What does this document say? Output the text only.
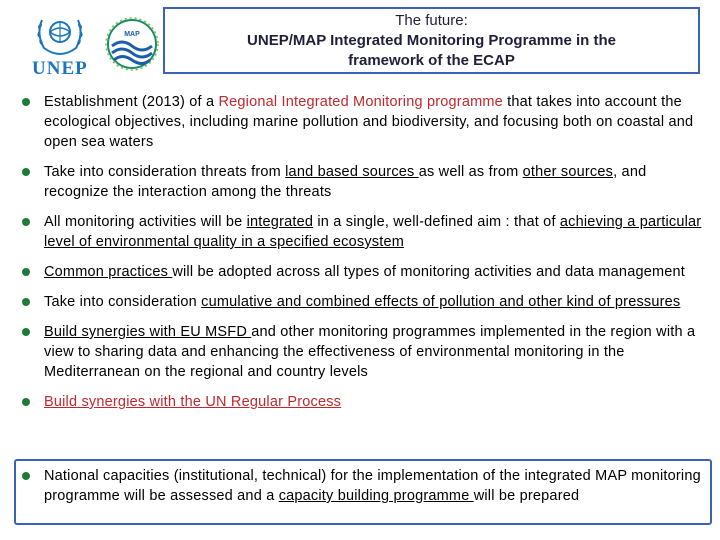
UNEP
MAP
The future:
UNEP/MAP Integrated Monitoring Programme in the
framework of the ECAP
Establishment (2013) of a Regional Integrated Monitoring programme that takes into account the ecological objectives, including marine pollution and biodiversity, and focusing both on coastal and open sea waters
Take into consideration threats from land based sources as well as from other sources, and recognize the interaction among the threats
All monitoring activities will be integrated in a single, well-defined aim : that of achieving a particular level of environmental quality in a specified ecosystem
Common practices will be adopted across all types of monitoring activities and data management
Take into consideration cumulative and combined effects of pollution and other kind of pressures
Build synergies with EU MSFD and other monitoring programmes implemented in the region with a view to sharing data and enhancing the effectiveness of environmental monitoring in the Mediterranean on the regional and country levels
Build synergies with the UN Regular Process
National capacities (institutional, technical) for the implementation of the integrated MAP monitoring programme will be assessed and a capacity building programme will be prepared
